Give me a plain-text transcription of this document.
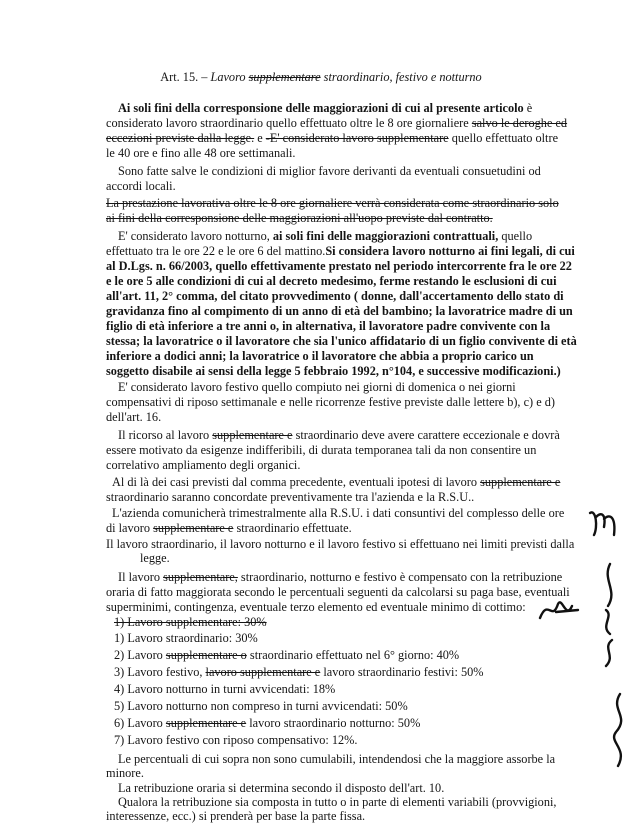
Art. 15. – Lavoro supplementare straordinario, festivo e notturno
Ai soli fini della corresponsione delle maggiorazioni di cui al presente articolo è
considerato lavoro straordinario quello effettuato oltre le 8 ore giornaliere salvo le deroghe ed
eccezioni previste dalla legge. e -E' considerato lavoro supplementare quello effettuato oltre
le 40 ore e fino alle 48 ore settimanali.
Sono fatte salve le condizioni di miglior favore derivanti da eventuali consuetudini od
accordi locali.
La prestazione lavorativa oltre le 8 ore giornaliere verrà considerata come straordinario solo
ai fini della corresponsione delle maggiorazioni all'uopo previste dal contratto.
E' considerato lavoro notturno, ai soli fini delle maggiorazioni contrattuali, quello
effettuato tra le ore 22 e le ore 6 del mattino.Si considera lavoro notturno ai fini legali, di cui
al D.Lgs. n. 66/2003, quello effettivamente prestato nel periodo intercorrente fra le ore 22
e le ore 5 alle condizioni di cui al decreto medesimo, ferme restando le esclusioni di cui
all'art. 11, 2° comma, del citato provvedimento ( donne, dall'accertamento dello stato di
gravidanza fino al compimento di un anno di età del bambino; la lavoratrice madre di un
figlio di età inferiore a tre anni o, in alternativa, il lavoratore padre convivente con la
stessa; la lavoratrice o il lavoratore che sia l'unico affidatario di un figlio convivente di età
inferiore a dodici anni; la lavoratrice o il lavoratore che abbia a proprio carico un
soggetto disabile ai sensi della legge 5 febbraio 1992, n°104, e successive modificazioni.)
E' considerato lavoro festivo quello compiuto nei giorni di domenica o nei giorni
compensativi di riposo settimanale e nelle ricorrenze festive previste dalle lettere b), c) e d)
dell'art. 16.
Il ricorso al lavoro supplementare e straordinario deve avere carattere eccezionale e dovrà
essere motivato da esigenze indifferibili, di durata temporanea tali da non consentire un
correlativo ampliamento degli organici.
Al di là dei casi previsti dal comma precedente, eventuali ipotesi di lavoro supplementare e
straordinario saranno concordate preventivamente tra l'azienda e la R.S.U..
L'azienda comunicherà trimestralmente alla R.S.U. i dati consuntivi del complesso delle ore
di lavoro supplementare e straordinario effettuate.
Il lavoro straordinario, il lavoro notturno e il lavoro festivo si effettuano nei limiti previsti dalla
legge.
Il lavoro supplementare, straordinario, notturno e festivo è compensato con la retribuzione
oraria di fatto maggiorata secondo le percentuali seguenti da calcolarsi su paga base, eventuali
superminimi, contingenza, eventuale terzo elemento ed eventuale minimo di cottimo:
1) Lavoro supplementare: 30%
1) Lavoro straordinario: 30%
2) Lavoro supplementare o straordinario effettuato nel 6° giorno: 40%
3) Lavoro festivo, lavoro supplementare e lavoro straordinario festivi: 50%
4) Lavoro notturno in turni avvicendati: 18%
5) Lavoro notturno non compreso in turni avvicendati: 50%
6) Lavoro supplementare e lavoro straordinario notturno: 50%
7) Lavoro festivo con riposo compensativo: 12%.
Le percentuali di cui sopra non sono cumulabili, intendendosi che la maggiore assorbe la
minore.
La retribuzione oraria si determina secondo il disposto dell'art. 10.
Qualora la retribuzione sia composta in tutto o in parte di elementi variabili (provvigioni,
interessenze, ecc.) si prenderà per base la parte fissa.
